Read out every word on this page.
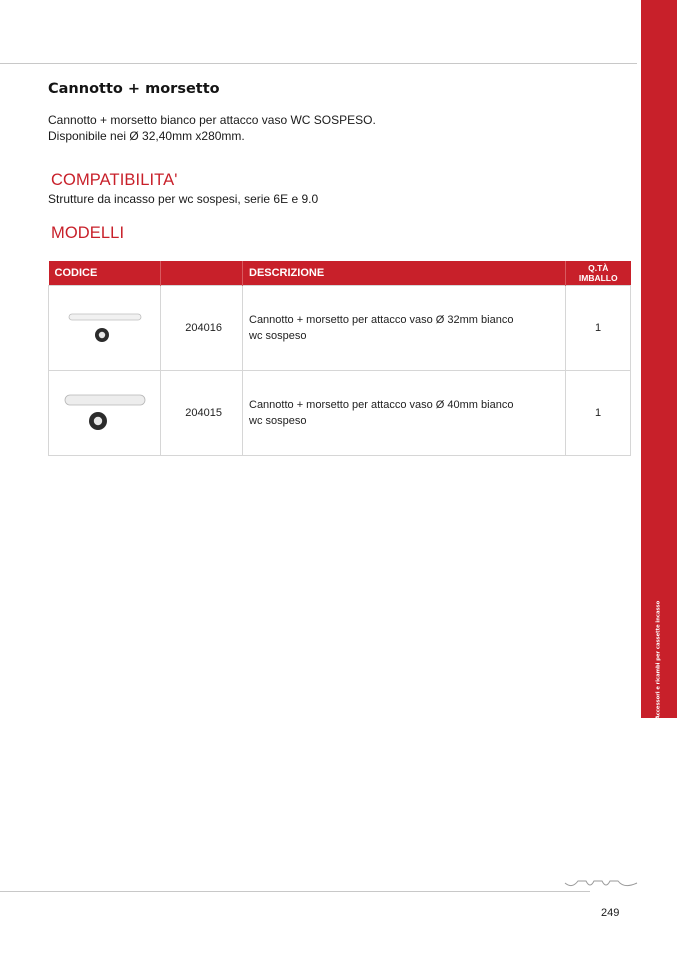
Accessori e ricambi per cassette incasso
Cannotto + morsetto
Cannotto + morsetto bianco per attacco vaso WC SOSPESO.
Disponibile nei Ø 32,40mm x280mm.
COMPATIBILITA'
Strutture da incasso per wc sospesi, serie 6E e 9.0
MODELLI
CODICE		DESCRIZIONE	Q.TÀ
IMBALLO

	204016	Cannotto + morsetto per attacco vaso Ø 32mm bianco
wc sospeso	1

	204015	Cannotto + morsetto per attacco vaso Ø 40mm bianco
wc sospeso	1
249
